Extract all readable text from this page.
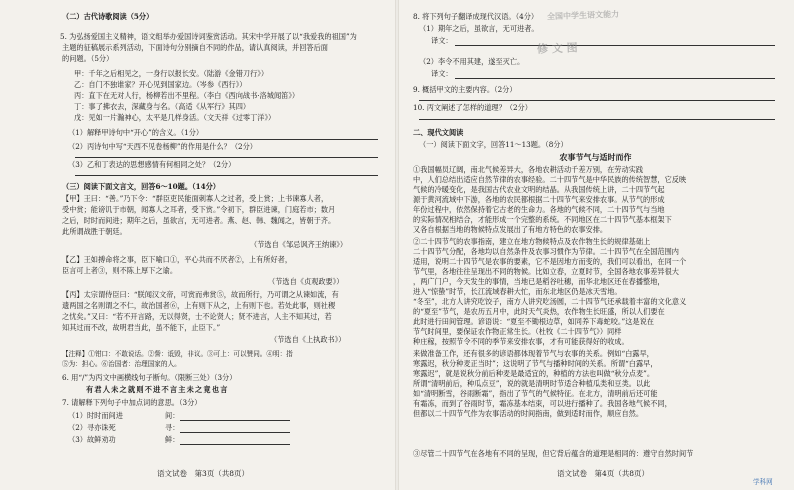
（二）古代诗歌阅读（5分）
5. 为弘扬爱国主义精神，语文组举办爱国诗词鉴赏活动。其宋中学开展了以“我爱我的祖国”为
主题的征稿展示系列活动，下面诗句分别摘自不同的作品，请认真阅读，并回答后面
的问题。（5分）
甲：千年之后相见之，一身行以报长安。（陆游《金错刀行》）
乙：自门不独谁家？开心见到国家边。（岑参《西行》）
丙：直下在无对人行，杨柳若出不里程。（李白《西向战书·洛城闻笛》）
丁：事了拂衣去，深藏身与名。（高适《从军行》其四）
戊：见如一片瀚神心，太平是几样身活。（文天祥《过零丁洋》）
（1）解释甲诗句中“开心”的含义。（1分）
（2）丙诗句中写“天西不见卷杨柳”的作用是什么？（2分）
（3）乙和丁表达的思想感情有何相同之处？（2分）
（三）阅读下面文言文，回答6～10题。（14分）
【甲】王曰：“善。”乃下令：“群臣吏民能面刺寡人之过者，受上赏；上书谏寡人者，
受中赏；能谤讥于市朝，闻寡人之耳者，受下赏。”令初下，群臣进谏，门庭若市；数月
之后，时时而间进；期年之后，虽欲言，无可进者。燕、赵、韩、魏闻之，皆朝于齐。
此所谓战胜于朝廷。
（节选自《邹忌讽齐王纳谏》）
【乙】王如搏命将之事，臣下喻口①，平心共而不厌者②，上有所好者，
臣言可上者③，则不陈上厚下之谕。
（节选自《贞观政要》）
【丙】太宗谓侍臣曰：“朕闻汉文帝，可赏而弗赏⑤，故而所行，乃可谓之从谏如流，有
遗两国之名则谓之不仁，故治国者⑥，上有则下从之，上有则下也。若处此事，则社稷
之忧矣。”又曰：“若不开言路，无以得贤，士不论贤人；贤不进言，人主不知其过，若
知其过而不改，故明君当此，虽不能下，止臣下。”
（节选自《上执政书》）
【注释】①钳口：不敢说话。②訾：诋毁，非议。③可上：可以赞同。④明：指
⑤为：担心。⑥治国者：治理国家的人。
6. 用“/”为丙文中画横线句子断句。（限断三处）（3分）
有君人未之就则不进不言主未之竟也言
7. 请解释下列句子中加点词的意思。（3分）
（1）时时而间进	间：
（2）寻亦诛死	寻：
（3）故鲜劝功	鲜：
语文试卷　第3页（共8页）
8. 将下列句子翻译成现代汉语。（4分） 全国中学生语文能力
（1）期年之后，虽欲言，无可进者。
译文：
修 文 图
（2）李令不用其建，遂至灭亡。
译文：
9. 概括甲文的主要内容。（2分）
10. 丙文阐述了怎样的道理？（2分）
二、现代文阅读
（一）阅读下面文字，回答11～13题。（8分）
农事节气与适时而作
①我国幅员辽阔，南北气候差异大，各地农耕活动千差万别，在劳动实践
中，人们总结出适应自然节律的农事经验。二十四节气是中华民族的传统智慧，它反映
气候的冷暖变化，是我国古代农业文明的结晶。从我国传统上讲，二十四节气起
源于黄河流域中下游，各地的农民都根据二十四节气来安排农事。从节气的形成
年份过程中，依然保持着它古老的生命力。各地的气候不同，二十四节气与当地
的实际情况相结合，才能形成一个完整的系统。不同地区在二十四节气基本框架下
又各自根据当地的物候特点发展出了有地方特色的农事安排。
②二十四节气的农事指南，建立在地方物候特点及农作物生长的规律基础上
二十四节气分配，各地均以自然条件及农事习惯作为节律。二十四节气在全国范围内
适用，说明二十四节气是农事的要素，它不是因地方而变的，我们可以看出，在同一个
节气里，各地往往呈现出不同的物候。比如立春，立夏时节，全国各地农事差异很大
，两广门户，今天发生的事情，当地已是稻谷吐穗，而华北地区还在春播整地，
进入“惊蛰”时节，长江流域春耕大忙，而东北地区仍是冰天雪地。
“冬至”，北方人讲究吃饺子，南方人讲究吃汤圆，二十四节气还承载着丰富的文化意义
的“夏至”节气，是农历五月中，此时天气炎热，农作物生长旺盛，所以人们要在
此时进行田间管理。谚语说：“夏至不锄根边草，如同养下毒蛇咬。”这是说在
节气时间里，要保证农作物正常生长。（杜牧《二十四节气》）同样
种庄稼，按照节令不同的季节来安排农事，才有可能获得好的收成。
来做准备工作，还有很多的谚语都体现着节气与农事的关系。例如“白露早，
寒露迟，秋分种麦正当时”；这说明了节气与播种时间的关系。所谓“白露早，
寒露迟”，就是说秋分前后种麦是最适宜的，种植的方法也叫做“秋分点麦”。
所谓“清明前后，种瓜点豆”，说的就是清明时节适合种植瓜类和豆类。以此
如“清明断雪，谷雨断霜”，指出了节气的气候特征。在北方，清明前后还可能
有霜冻，而到了谷雨时节，霜冻基本结束，可以进行播种了。我国各地气候不同，
但都以二十四节气作为农事活动的时间指南，做到适时而作，顺应自然。
③尽管二十四节气在各地有不同的呈现，但它背后蕴含的道理是相同的：遵守自然时间节
语文试卷　第4页（共8页）
学科网
